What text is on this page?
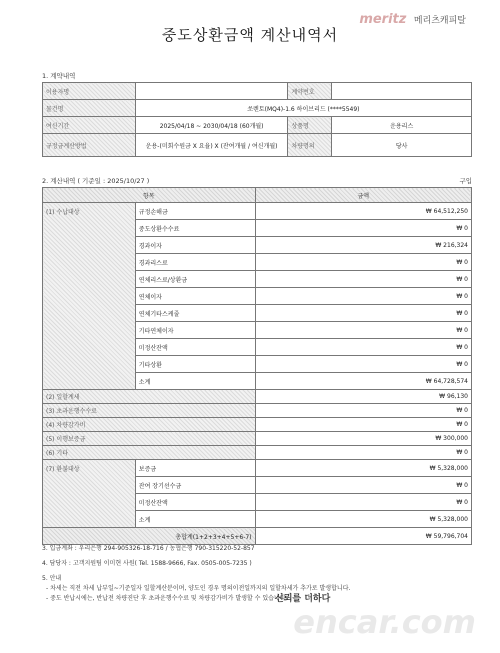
meritz 메리츠캐피탈
중도상환금액 계산내역서
1. 계약내역
이용자명		계약번호	
물건명	쏘렌토(MQ4)-1.6 하이브리드 (****5549)		
여신기간	2025/04/18 ~ 2030/04/18 (60개월)	상품명	운용리스
규정금계산방법	운용-(미회수원금 X 요율) X (잔여개월 / 여신개월)	차량명의	당사
2. 계산내역 ( 기준일 : 2025/10/27 )	구입
항목		금액
(1) 수납대상	규정손해금	₩ 64,512,250
	중도상환수수료	₩ 0
	경과이자	₩ 216,324
	경과리스료	₩ 0
	연체리스료/상환금	₩ 0
	연체이자	₩ 0
	연체기타스케줄	₩ 0
	기타연체이자	₩ 0
	미정산잔액	₩ 0
	기타상환	₩ 0
	소계	₩ 64,728,574
(2) 일할계세		₩ 96,130
(3) 초과운행수수료		₩ 0
(4) 차량감가비		₩ 0
(5) 이행보증금		₩ 300,000
(6) 기타		₩ 0
(7) 환불대상	보증금	₩ 5,328,000
	잔여 장기선수금	₩ 0
	미정산잔액	₩ 0
	소계	₩ 5,328,000
총합계(1+2+3+4+5+6-7)		₩ 59,796,704
3. 입금계좌 : 우리은행 294-905326-18-716 / 농협은행 790-315220-52-857
4. 담당자 : 고객지원팀 이미현 사원( Tel. 1588-9666, Fax. 0505-005-7235 )
5. 안내
- 차세는 직전 차세 납부일~기준일자 일할계산분이며, 양도인 경우 명의이전일까지의 일할차세가 추가로 발생합니다.
- 중도 반납시에는, 반납전 차량진단 후 초과운행수수료 및 차량감가비가 발생할 수 있습니다.
신뢰를 더하다
encar.com
